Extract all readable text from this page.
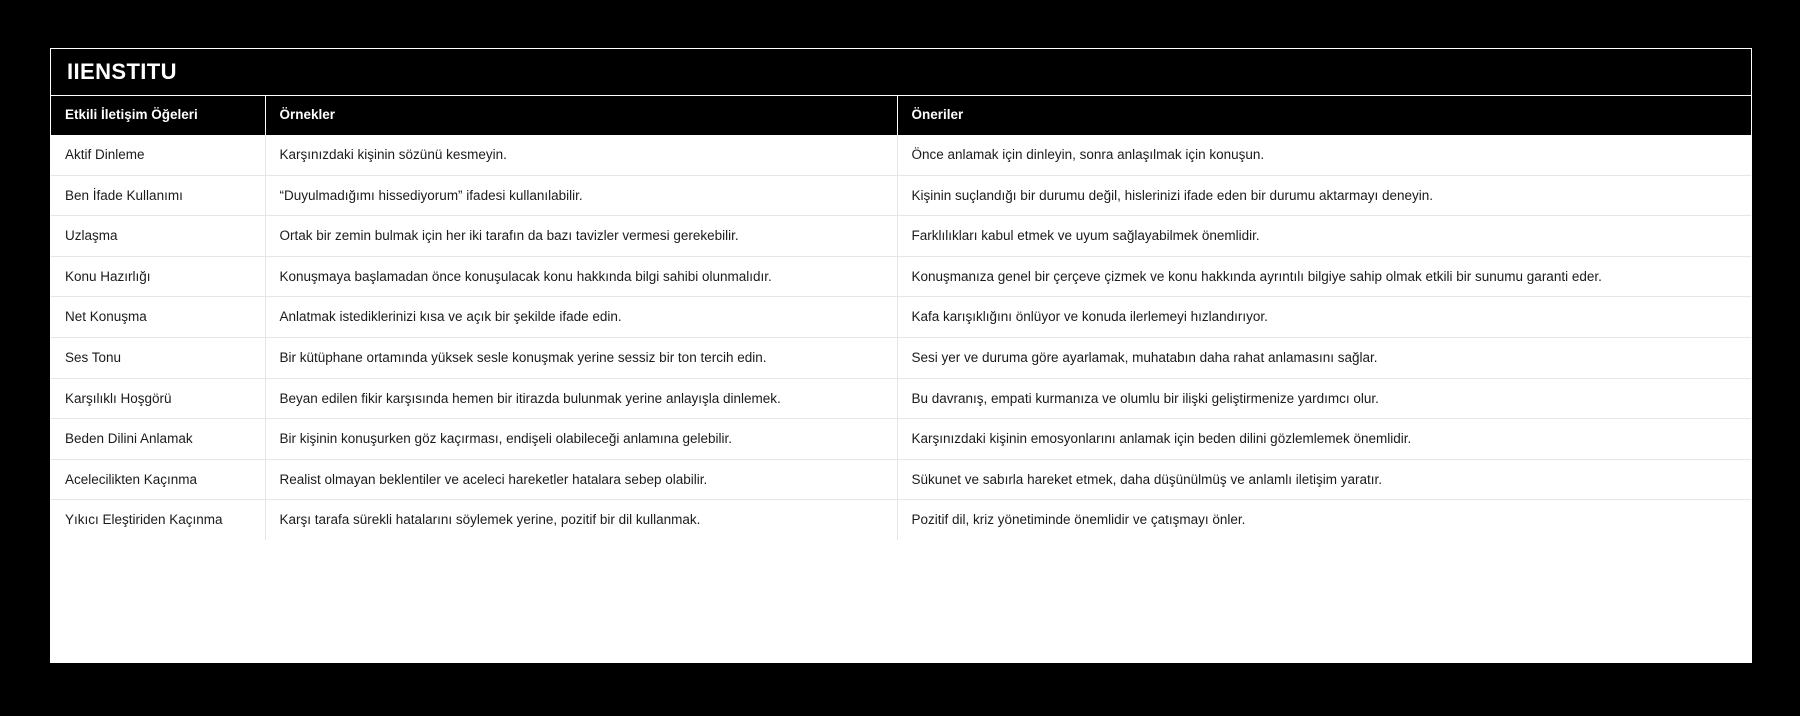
IIENSTITU
Etkili İletişim Öğeleri	Örnekler	Öneriler
Aktif Dinleme	Karşınızdaki kişinin sözünü kesmeyin.	Önce anlamak için dinleyin, sonra anlaşılmak için konuşun.
Ben İfade Kullanımı	“Duyulmadığımı hissediyorum” ifadesi kullanılabilir.	Kişinin suçlandığı bir durumu değil, hislerinizi ifade eden bir durumu aktarmayı deneyin.
Uzlaşma	Ortak bir zemin bulmak için her iki tarafın da bazı tavizler vermesi gerekebilir.	Farklılıkları kabul etmek ve uyum sağlayabilmek önemlidir.
Konu Hazırlığı	Konuşmaya başlamadan önce konuşulacak konu hakkında bilgi sahibi olunmalıdır.	Konuşmanıza genel bir çerçeve çizmek ve konu hakkında ayrıntılı bilgiye sahip olmak etkili bir sunumu garanti eder.
Net Konuşma	Anlatmak istediklerinizi kısa ve açık bir şekilde ifade edin.	Kafa karışıklığını önlüyor ve konuda ilerlemeyi hızlandırıyor.
Ses Tonu	Bir kütüphane ortamında yüksek sesle konuşmak yerine sessiz bir ton tercih edin.	Sesi yer ve duruma göre ayarlamak, muhatabın daha rahat anlamasını sağlar.
Karşılıklı Hoşgörü	Beyan edilen fikir karşısında hemen bir itirazda bulunmak yerine anlayışla dinlemek.	Bu davranış, empati kurmanıza ve olumlu bir ilişki geliştirmenize yardımcı olur.
Beden Dilini Anlamak	Bir kişinin konuşurken göz kaçırması, endişeli olabileceği anlamına gelebilir.	Karşınızdaki kişinin emosyonlarını anlamak için beden dilini gözlemlemek önemlidir.
Acelecilikten Kaçınma	Realist olmayan beklentiler ve aceleci hareketler hatalara sebep olabilir.	Sükunet ve sabırla hareket etmek, daha düşünülmüş ve anlamlı iletişim yaratır.
Yıkıcı Eleştiriden Kaçınma	Karşı tarafa sürekli hatalarını söylemek yerine, pozitif bir dil kullanmak.	Pozitif dil, kriz yönetiminde önemlidir ve çatışmayı önler.
